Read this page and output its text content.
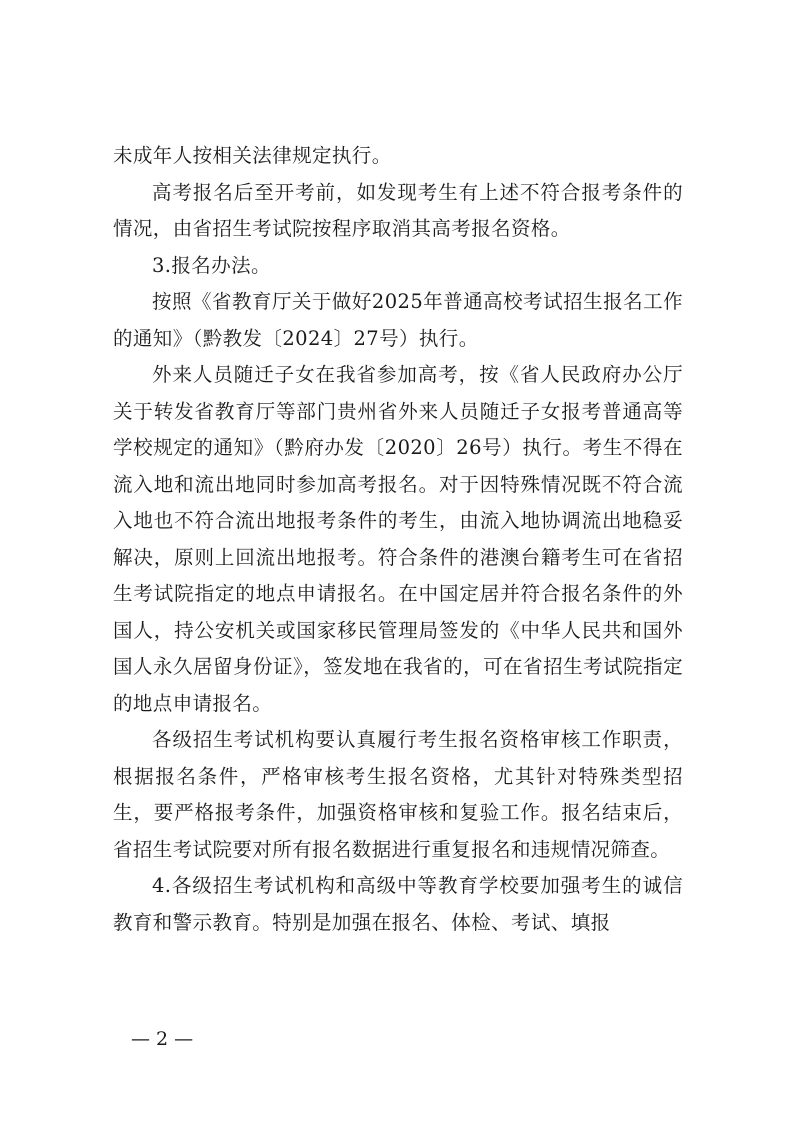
未成年人按相关法律规定执行。

高考报名后至开考前，如发现考生有上述不符合报考条件的情况，由省招生考试院按程序取消其高考报名资格。

3.报名办法。

按照《省教育厅关于做好2025年普通高校考试招生报名工作的通知》（黔教发〔2024〕27号）执行。

外来人员随迁子女在我省参加高考，按《省人民政府办公厅关于转发省教育厅等部门贵州省外来人员随迁子女报考普通高等学校规定的通知》（黔府办发〔2020〕26号）执行。考生不得在流入地和流出地同时参加高考报名。对于因特殊情况既不符合流入地也不符合流出地报考条件的考生，由流入地协调流出地稳妥解决，原则上回流出地报考。符合条件的港澳台籍考生可在省招生考试院指定的地点申请报名。在中国定居并符合报名条件的外国人，持公安机关或国家移民管理局签发的《中华人民共和国外国人永久居留身份证》，签发地在我省的，可在省招生考试院指定的地点申请报名。

各级招生考试机构要认真履行考生报名资格审核工作职责，根据报名条件，严格审核考生报名资格，尤其针对特殊类型招生，要严格报考条件，加强资格审核和复验工作。报名结束后，省招生考试院要对所有报名数据进行重复报名和违规情况筛查。

4.各级招生考试机构和高级中等教育学校要加强考生的诚信教育和警示教育。特别是加强在报名、体检、考试、填报

— 2 —
